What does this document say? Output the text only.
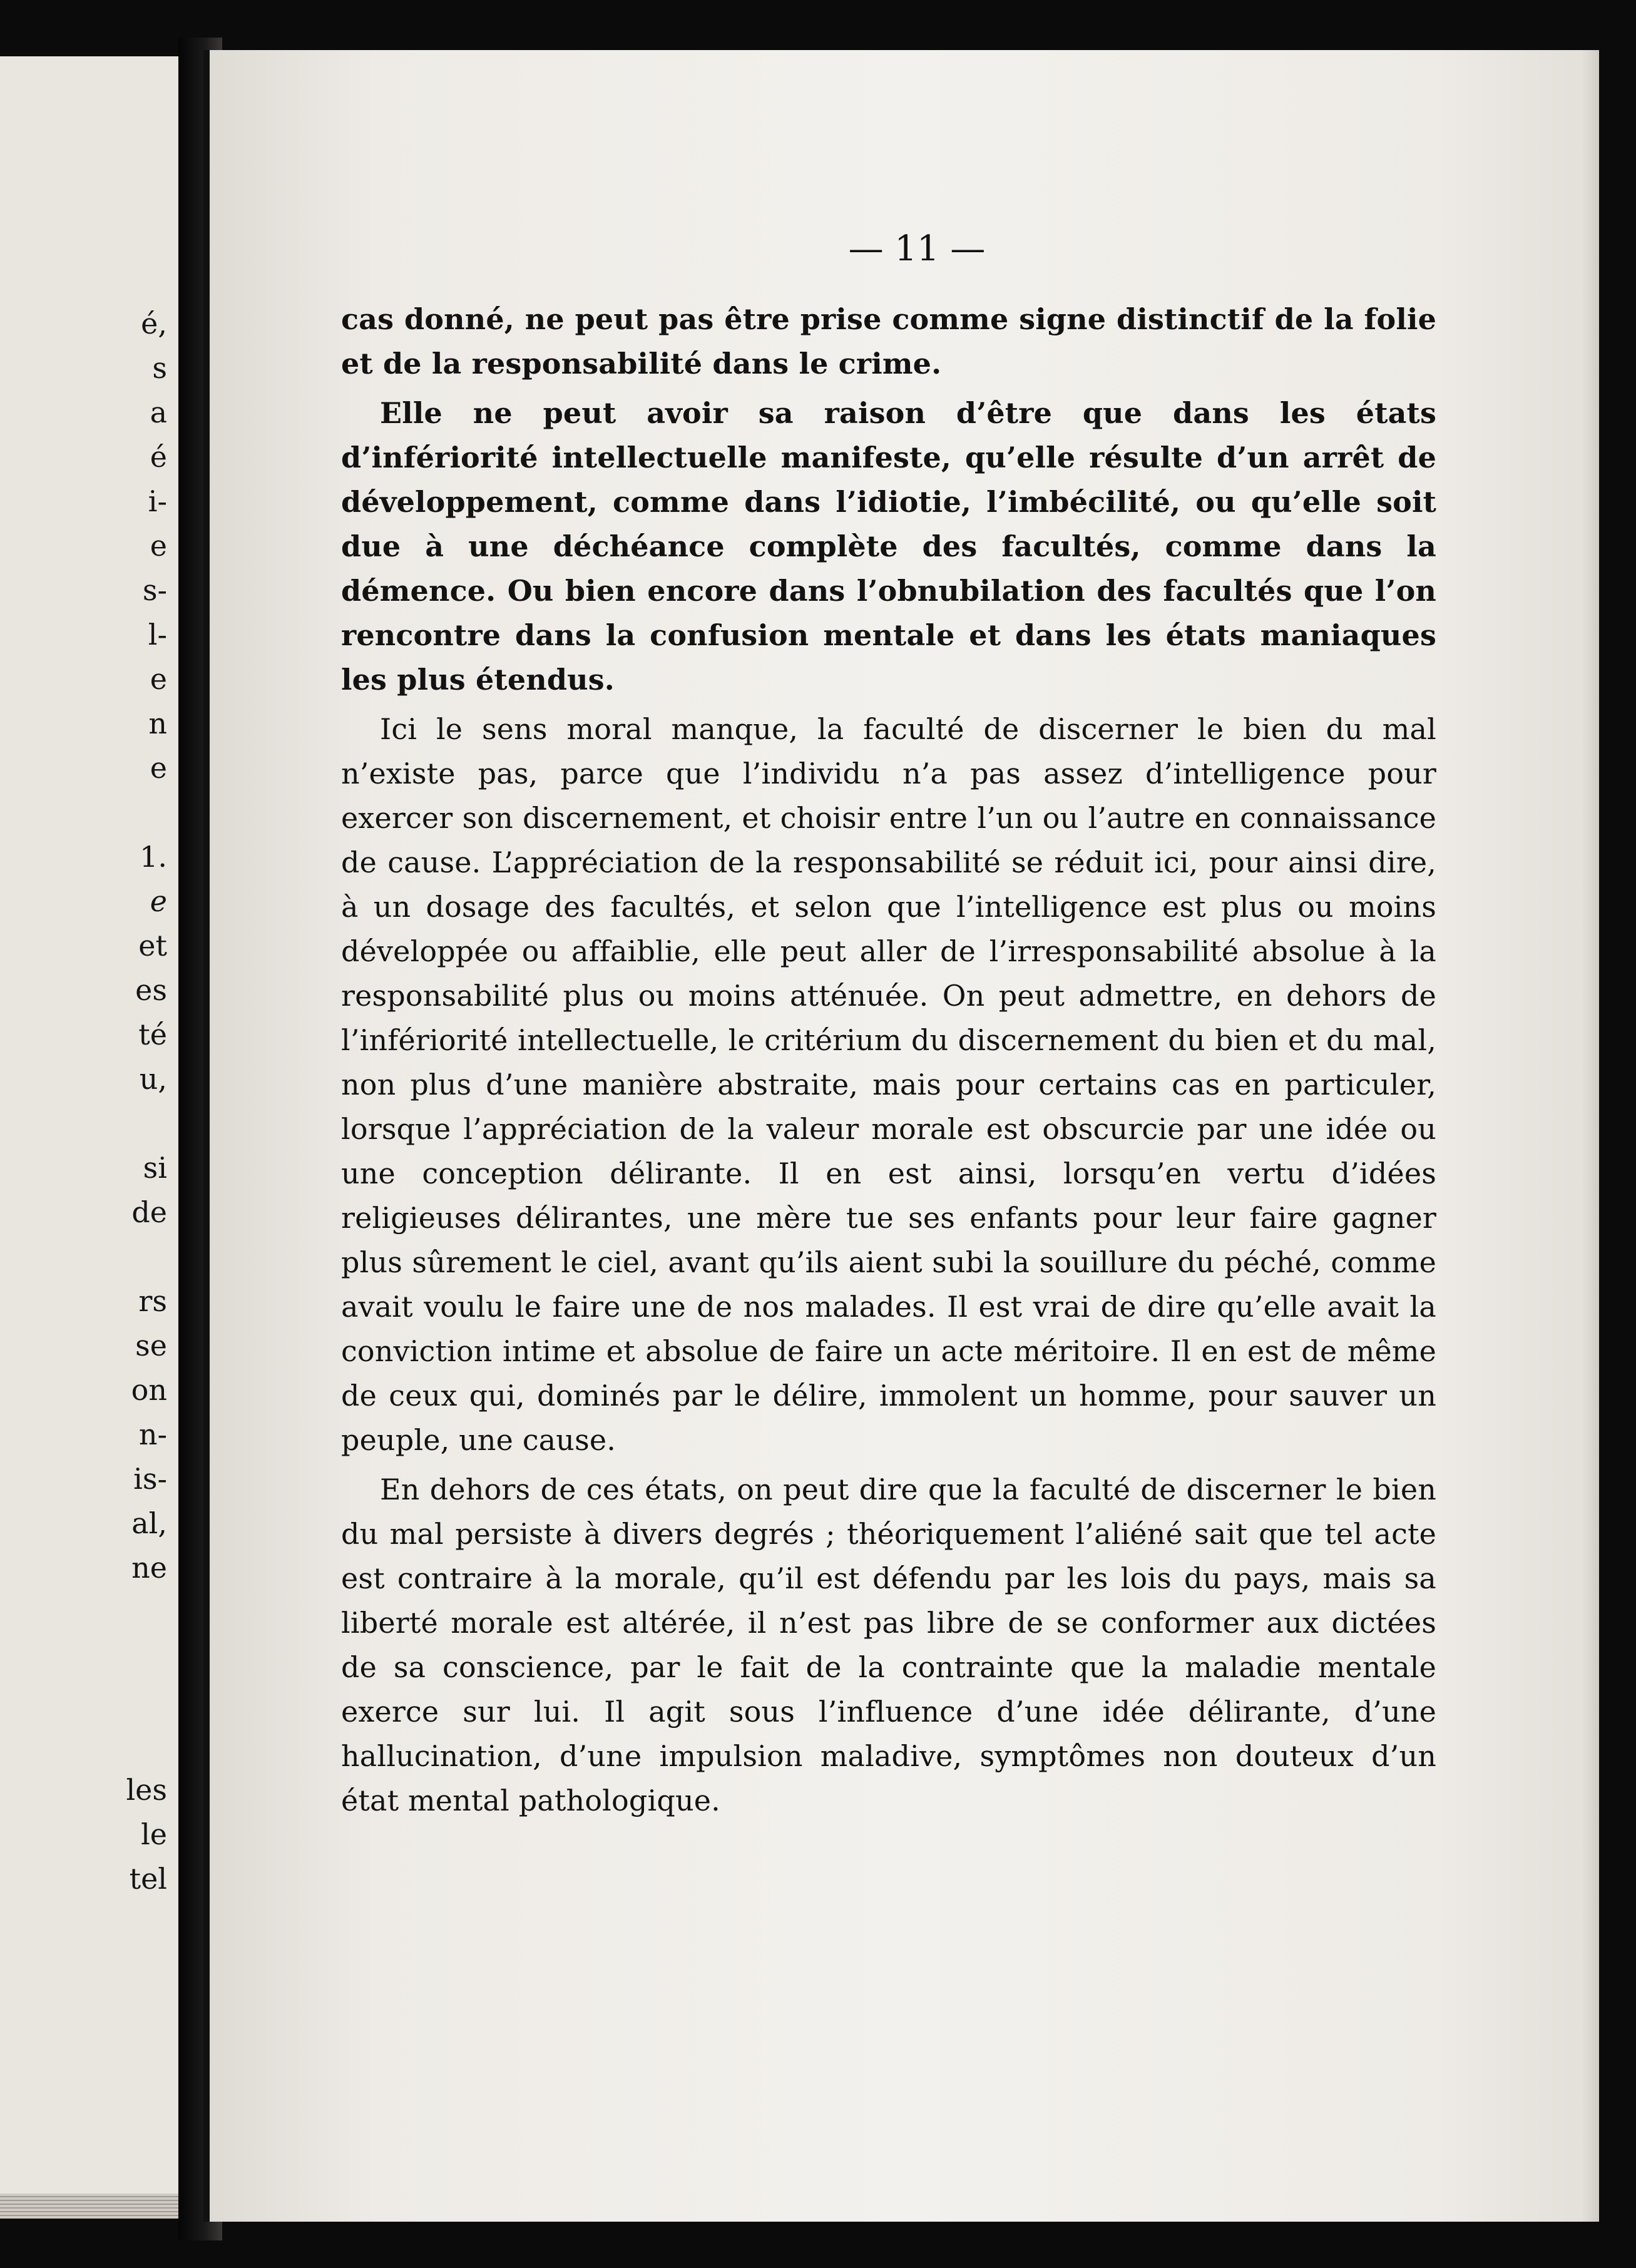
é,
s
a
é
i-
e
s-
l-
e
n
e
1.
e
et
es
té
u,
si
de
rs
se
on
n-
is-
al,
ne
les
le
tel
— 11 —

cas donné, ne peut pas être prise comme signe distinctif de la folie et de la responsabilité dans le crime.

Elle ne peut avoir sa raison d’être que dans les états d’infériorité intellectuelle manifeste, qu’elle résulte d’un arrêt de développement, comme dans l’idiotie, l’imbécilité, ou qu’elle soit due à une déchéance complète des facultés, comme dans la démence. Ou bien encore dans l’obnubilation des facultés que l’on rencontre dans la confusion mentale et dans les états maniaques les plus étendus.

Ici le sens moral manque, la faculté de discerner le bien du mal n’existe pas, parce que l’individu n’a pas assez d’intelligence pour exercer son discernement, et choisir entre l’un ou l’autre en connaissance de cause. L’appréciation de la responsabilité se réduit ici, pour ainsi dire, à un dosage des facultés, et selon que l’intelligence est plus ou moins développée ou affaiblie, elle peut aller de l’irresponsabilité absolue à la responsabilité plus ou moins atténuée. On peut admettre, en dehors de l’infériorité intellectuelle, le critérium du discernement du bien et du mal, non plus d’une manière abstraite, mais pour certains cas en particuler, lorsque l’appréciation de la valeur morale est obscurcie par une idée ou une conception délirante. Il en est ainsi, lorsqu’en vertu d’idées religieuses délirantes, une mère tue ses enfants pour leur faire gagner plus sûrement le ciel, avant qu’ils aient subi la souillure du péché, comme avait voulu le faire une de nos malades. Il est vrai de dire qu’elle avait la conviction intime et absolue de faire un acte méritoire. Il en est de même de ceux qui, dominés par le délire, immolent un homme, pour sauver un peuple, une cause.

En dehors de ces états, on peut dire que la faculté de discerner le bien du mal persiste à divers degrés ; théoriquement l’aliéné sait que tel acte est contraire à la morale, qu’il est défendu par les lois du pays, mais sa liberté morale est altérée, il n’est pas libre de se conformer aux dictées de sa conscience, par le fait de la contrainte que la maladie mentale exerce sur lui. Il agit sous l’influence d’une idée délirante, d’une hallucination, d’une impulsion maladive, symptômes non douteux d’un état mental pathologique.
